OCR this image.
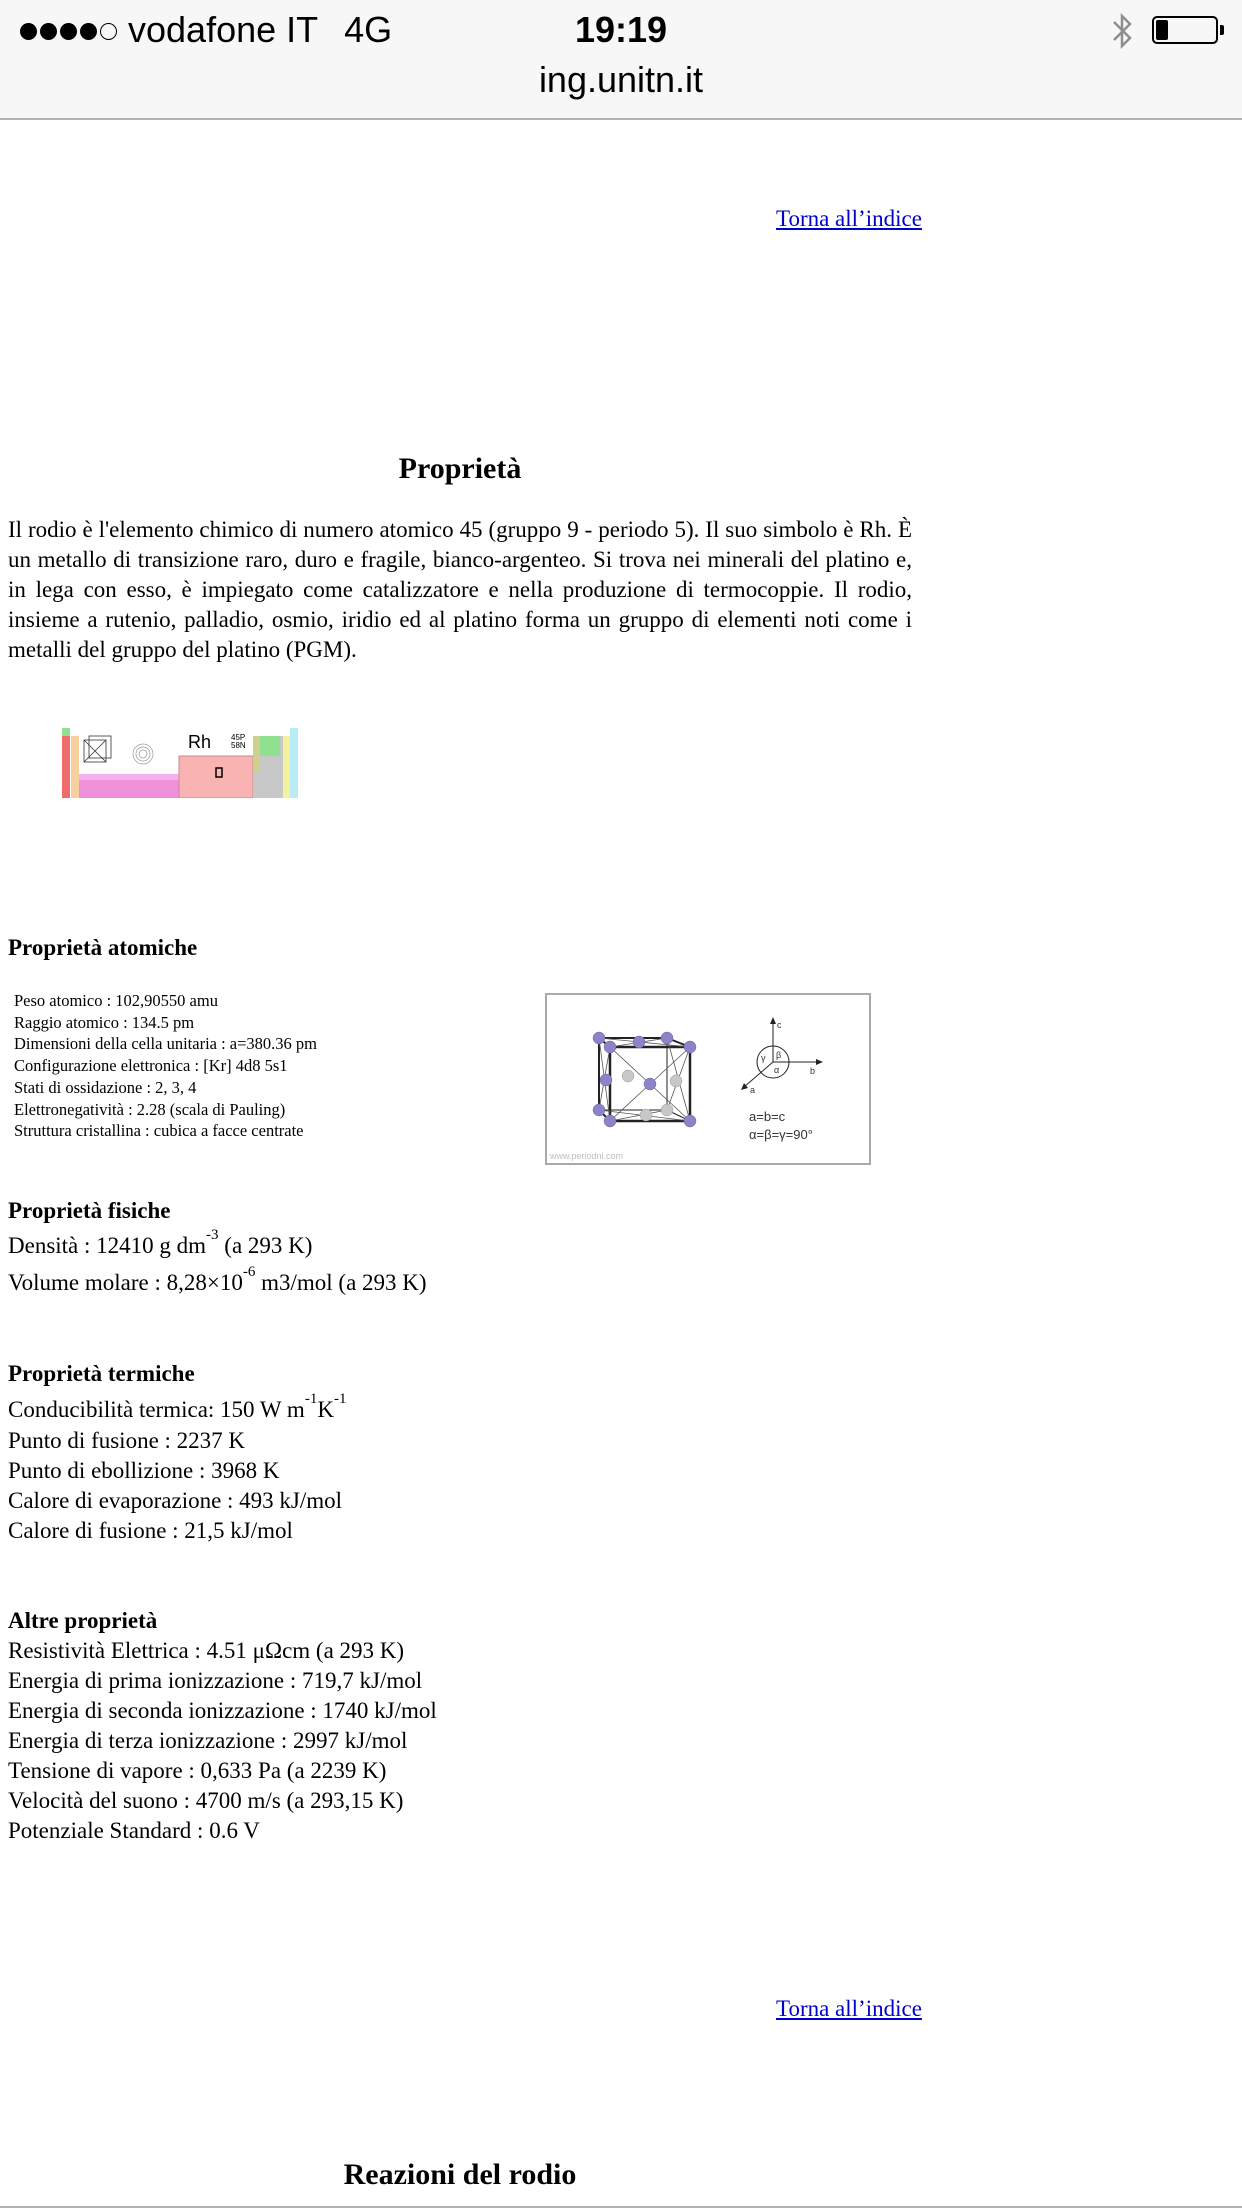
vodafone IT 4G	19:19
ing.unitn.it
Torna all’indice
Proprietà
Il rodio è l'elemento chimico di numero atomico 45 (gruppo 9 - periodo 5). Il suo simbolo è Rh. È un metallo di transizione raro, duro e fragile, bianco-argenteo. Si trova nei minerali del platino e, in lega con esso, è impiegato come catalizzatore e nella produzione di termocoppie. Il rodio, insieme a rutenio, palladio, osmio, iridio ed al platino forma un gruppo di elementi noti come i metalli del gruppo del platino (PGM).
Rh 45P
58N
Proprietà atomiche
Peso atomico : 102,90550 amu
Raggio atomico : 134.5 pm
Dimensioni della cella unitaria : a=380.36 pm
Configurazione elettronica : [Kr] 4d8 5s1
Stati di ossidazione : 2, 3, 4
Elettronegatività : 2.28 (scala di Pauling)
Struttura cristallina : cubica a facce centrate
c
b
a
γ β
α
a=b=c
α=β=γ=90°
www.periodni.com
Proprietà fisiche
Densità : 12410 g $dm^{-3}$ (a 293 K)
Volume molare : $8,28\times 10^{-6}$ m3/mol (a 293 K)
Proprietà termiche
Conducibilità termica: 150 W $m^{-1}K^{-1}$
Punto di fusione : 2237 K
Punto di ebollizione : 3968 K
Calore di evaporazione : 493 kJ/mol
Calore di fusione : 21,5 kJ/mol
Altre proprietà
Resistività Elettrica : 4.51 μΩcm (a 293 K)
Energia di prima ionizzazione : 719,7 kJ/mol
Energia di seconda ionizzazione : 1740 kJ/mol
Energia di terza ionizzazione : 2997 kJ/mol
Tensione di vapore : 0,633 Pa (a 2239 K)
Velocità del suono : 4700 m/s (a 293,15 K)
Potenziale Standard : 0.6 V
Torna all’indice
Reazioni del rodio
